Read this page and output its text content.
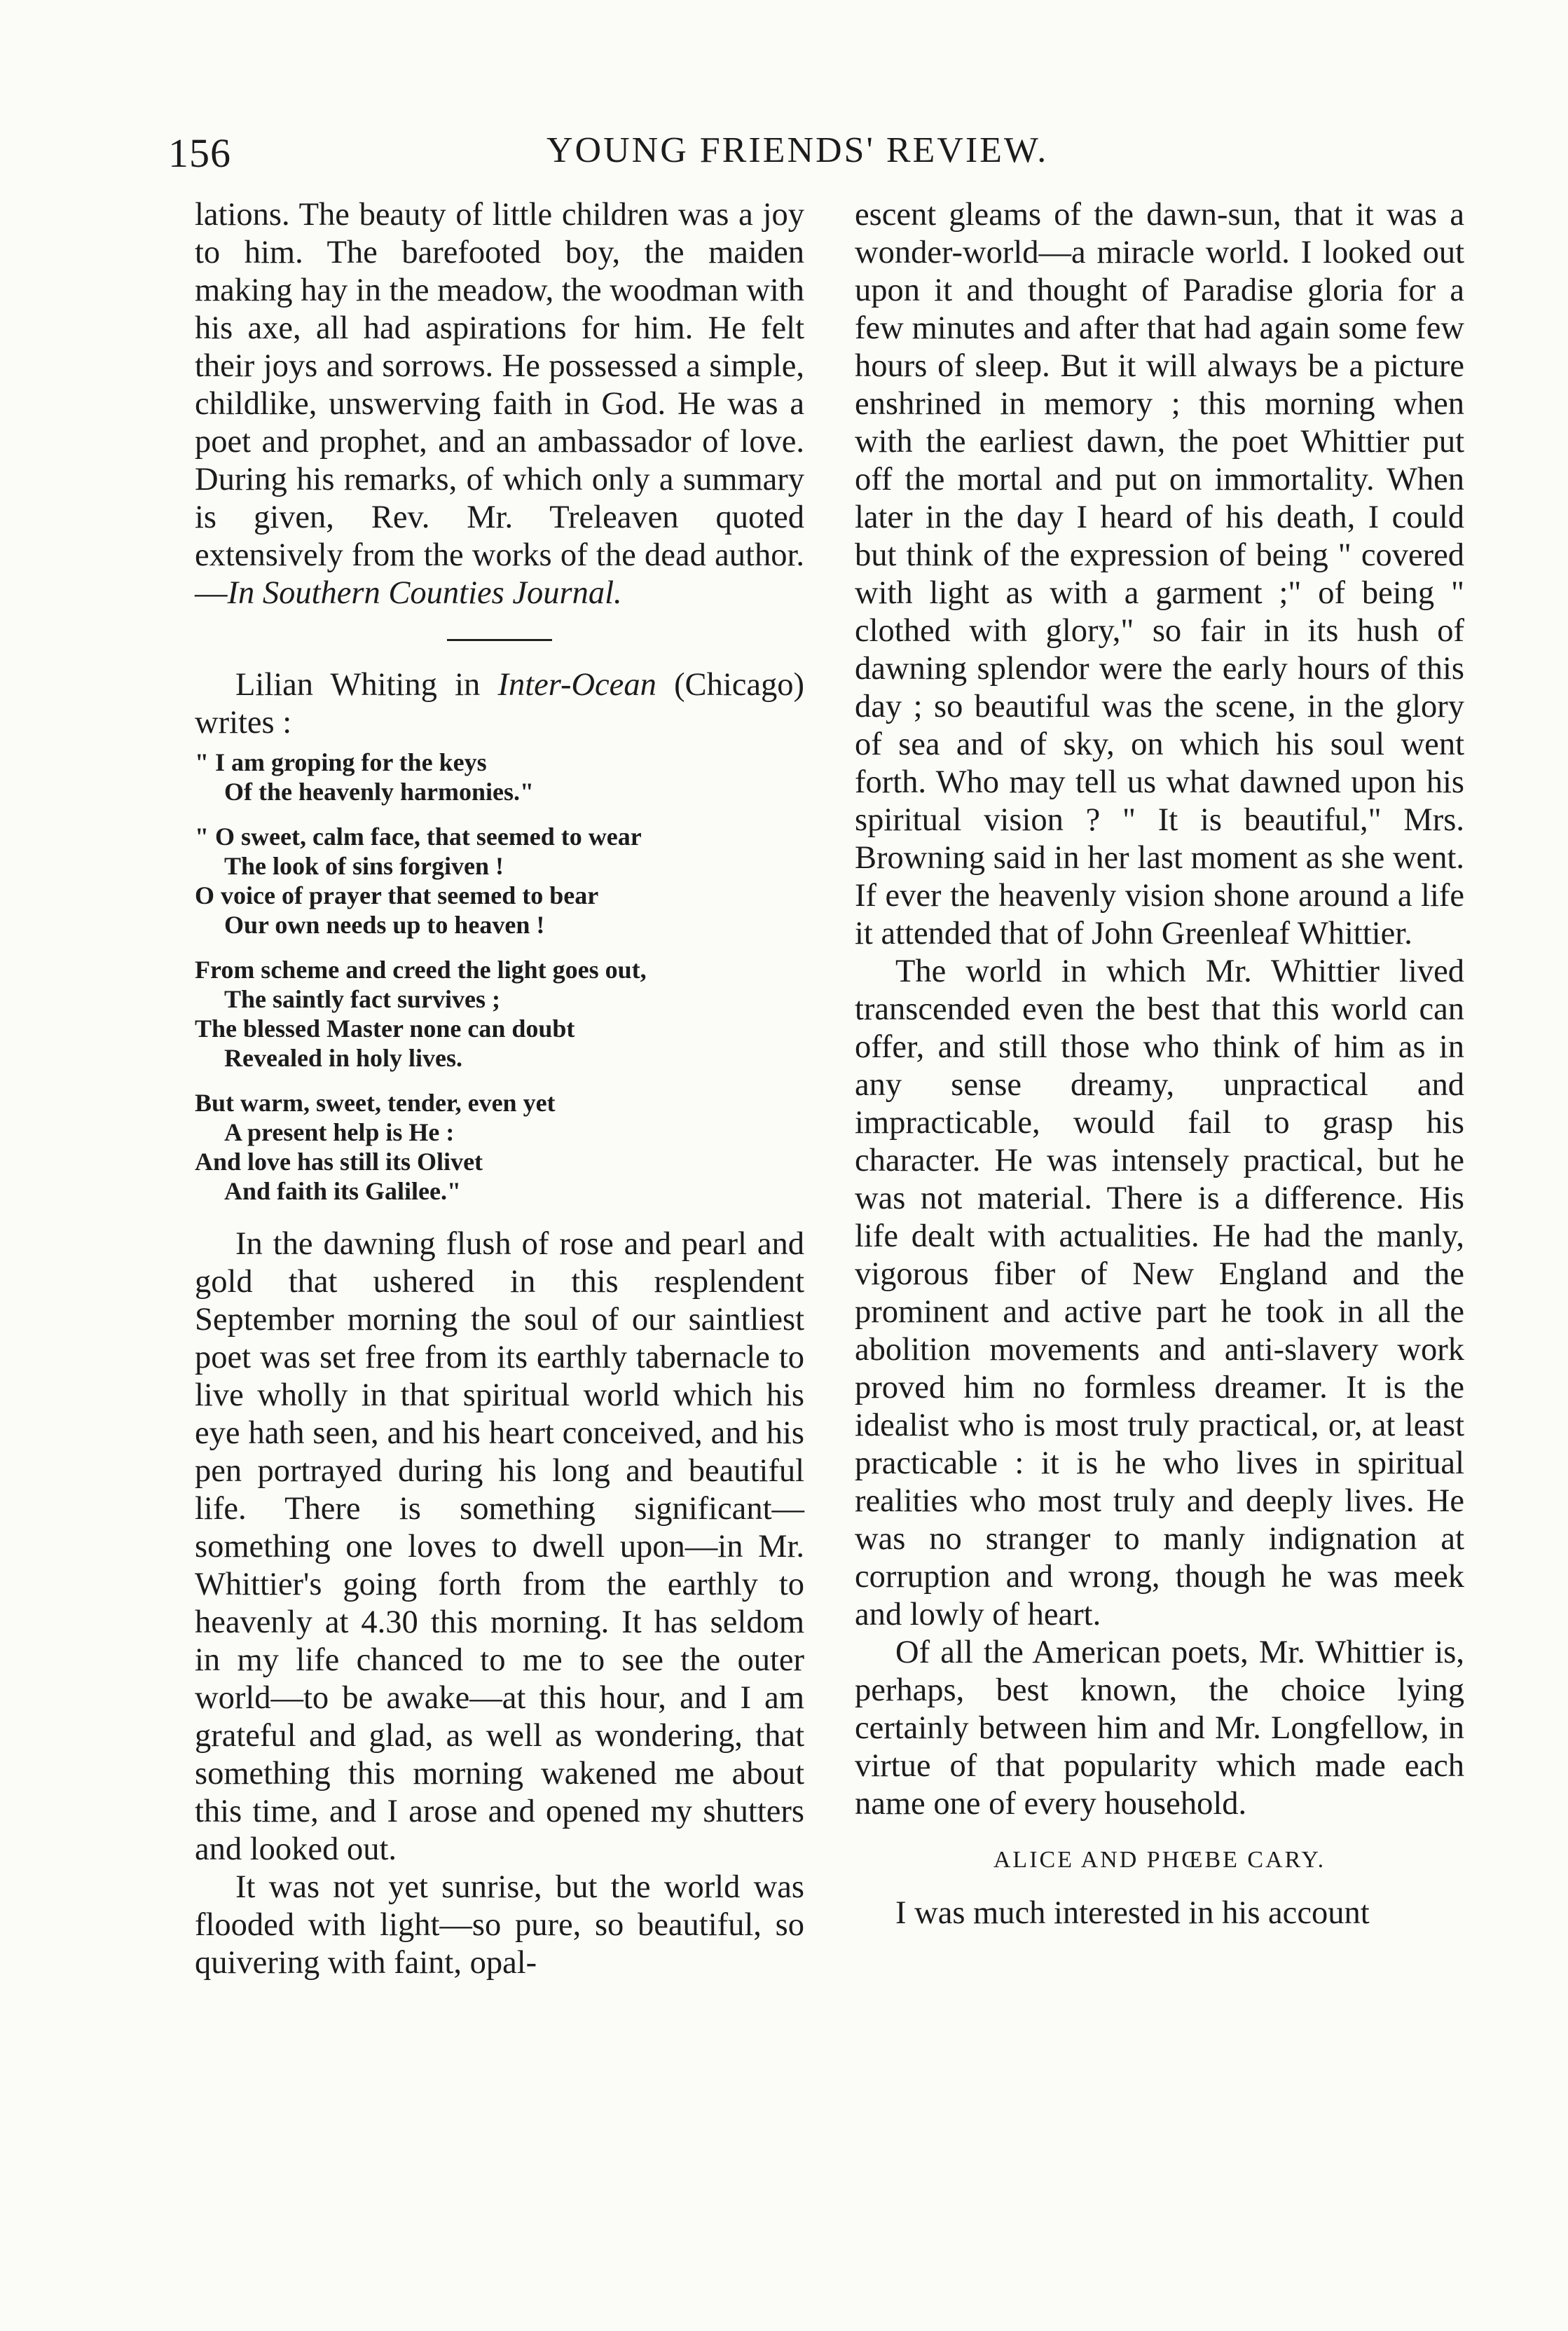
156	YOUNG FRIENDS' REVIEW.

lations. The beauty of little children was a joy to him. The barefooted boy, the maiden making hay in the meadow, the woodman with his axe, all had aspirations for him. He felt their joys and sorrows. He possessed a simple, childlike, unswerving faith in God. He was a poet and prophet, and an ambassador of love. During his remarks, of which only a summary is given, Rev. Mr. Treleaven quoted extensively from the works of the dead author.—In Southern Counties Journal.

Lilian Whiting in Inter-Ocean (Chicago) writes :

" I am groping for the keys
Of the heavenly harmonies."
" O sweet, calm face, that seemed to wear
The look of sins forgiven !
O voice of prayer that seemed to bear
Our own needs up to heaven !
From scheme and creed the light goes out,
The saintly fact survives ;
The blessed Master none can doubt
Revealed in holy lives.
But warm, sweet, tender, even yet
A present help is He :
And love has still its Olivet
And faith its Galilee."

In the dawning flush of rose and pearl and gold that ushered in this resplendent September morning the soul of our saintliest poet was set free from its earthly tabernacle to live wholly in that spiritual world which his eye hath seen, and his heart conceived, and his pen portrayed during his long and beautiful life. There is something significant—something one loves to dwell upon—in Mr. Whittier's going forth from the earthly to heavenly at 4.30 this morning. It has seldom in my life chanced to me to see the outer world—to be awake—at this hour, and I am grateful and glad, as well as wondering, that something this morning wakened me about this time, and I arose and opened my shutters and looked out.

It was not yet sunrise, but the world was flooded with light—so pure, so beautiful, so quivering with faint, opal-

escent gleams of the dawn-sun, that it was a wonder-world—a miracle world. I looked out upon it and thought of Paradise gloria for a few minutes and after that had again some few hours of sleep. But it will always be a picture enshrined in memory ; this morning when with the earliest dawn, the poet Whittier put off the mortal and put on immortality. When later in the day I heard of his death, I could but think of the expression of being " covered with light as with a garment ;" of being " clothed with glory," so fair in its hush of dawning splendor were the early hours of this day ; so beautiful was the scene, in the glory of sea and of sky, on which his soul went forth. Who may tell us what dawned upon his spiritual vision ? " It is beautiful," Mrs. Browning said in her last moment as she went. If ever the heavenly vision shone around a life it attended that of John Greenleaf Whittier.

The world in which Mr. Whittier lived transcended even the best that this world can offer, and still those who think of him as in any sense dreamy, unpractical and impracticable, would fail to grasp his character. He was intensely practical, but he was not material. There is a difference. His life dealt with actualities. He had the manly, vigorous fiber of New England and the prominent and active part he took in all the abolition movements and anti-slavery work proved him no formless dreamer. It is the idealist who is most truly practical, or, at least practicable : it is he who lives in spiritual realities who most truly and deeply lives. He was no stranger to manly indignation at corruption and wrong, though he was meek and lowly of heart.

Of all the American poets, Mr. Whittier is, perhaps, best known, the choice lying certainly between him and Mr. Longfellow, in virtue of that popularity which made each name one of every household.

ALICE AND PHŒBE CARY.

I was much interested in his account
